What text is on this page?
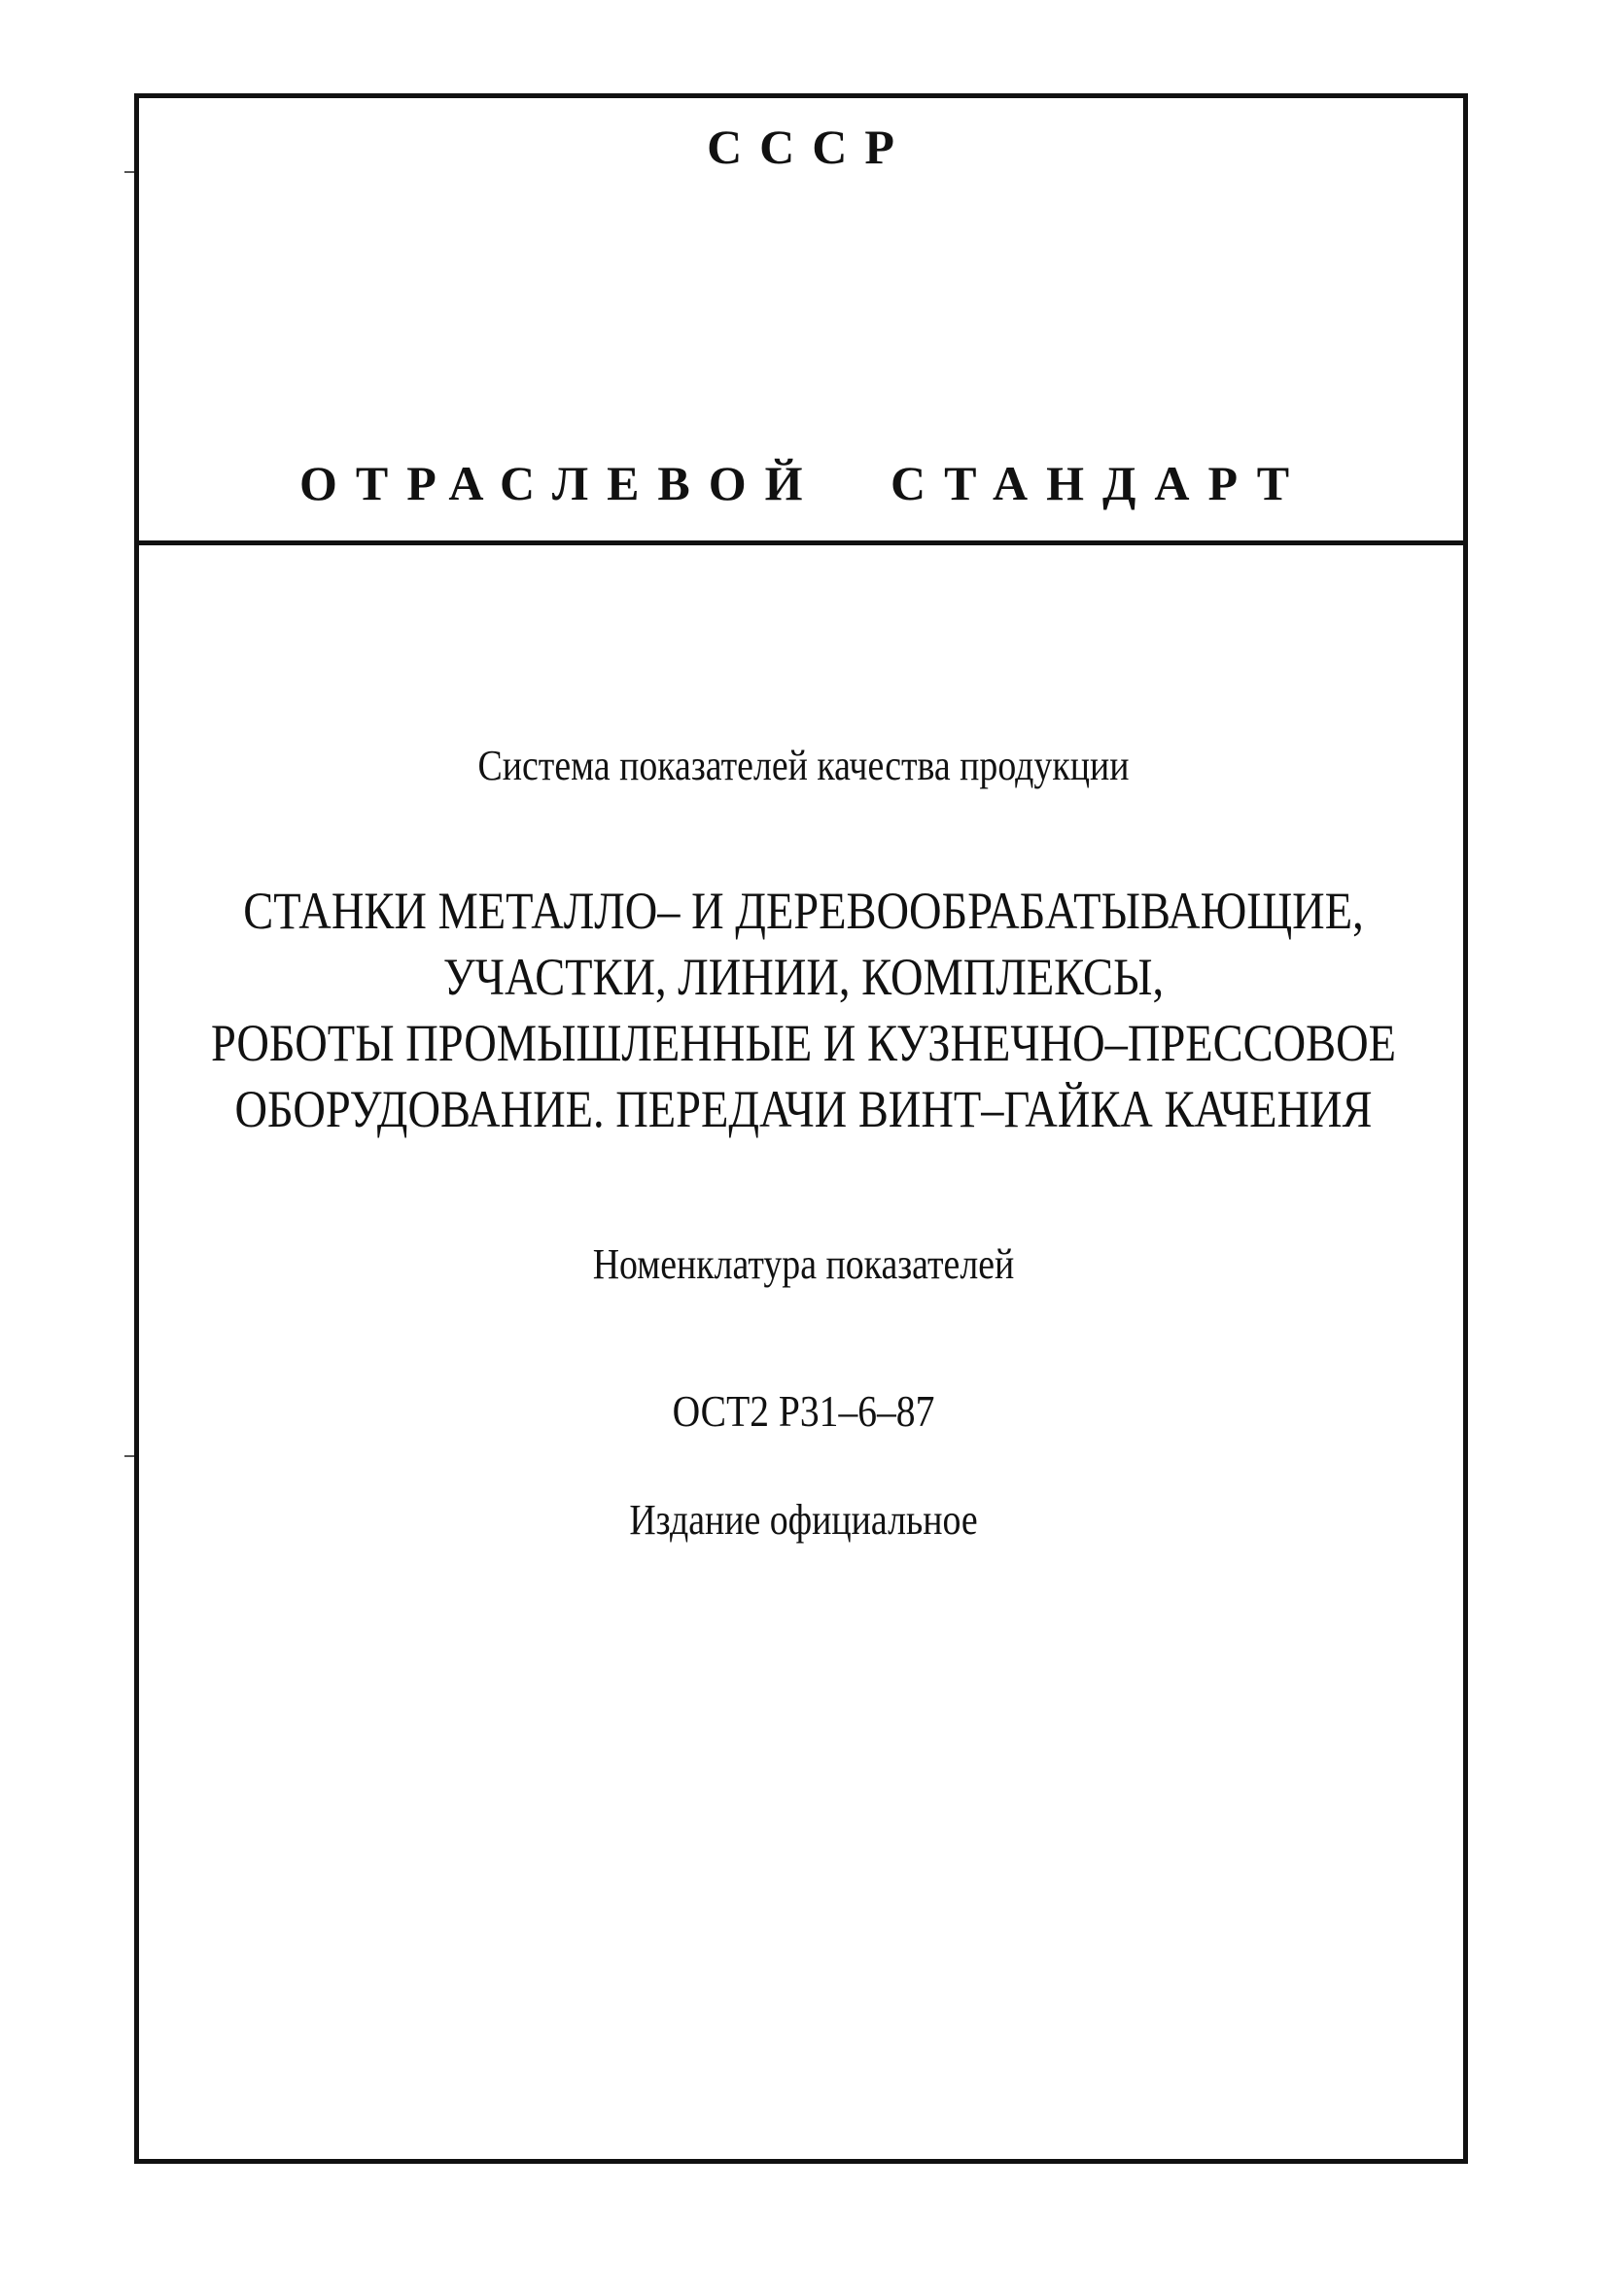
СССР
ОТРАСЛЕВОЙ СТАНДАРТ
Система показателей качества продукции
СТАНКИ МЕТАЛЛО– И ДЕРЕВООБРАБАТЫВАЮЩИЕ,
УЧАСТКИ, ЛИНИИ, КОМПЛЕКСЫ,
РОБОТЫ ПРОМЫШЛЕННЫЕ И КУЗНЕЧНО–ПРЕССОВОЕ
ОБОРУДОВАНИЕ. ПЕРЕДАЧИ ВИНТ–ГАЙКА КАЧЕНИЯ
Номенклатура показателей
ОСТ2 Р31–6–87
Издание официальное
